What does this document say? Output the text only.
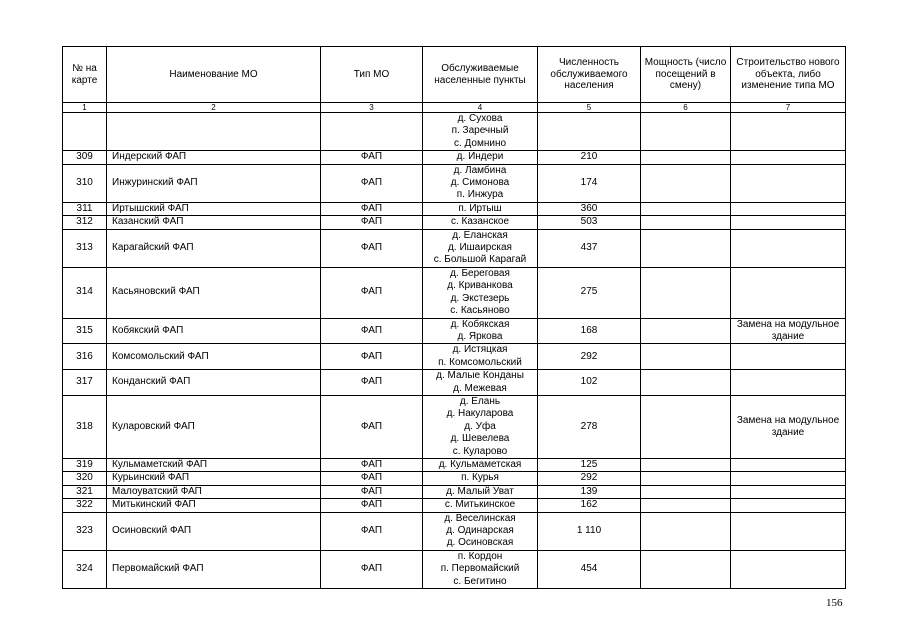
№ на карте	Наименование МО	Тип МО	Обслуживаемые населенные пункты	Численность обслуживаемого населения	Мощность (число посещений в смену)	Строительство нового объекта, либо изменение типа МО
1	2	3	4	5	6	7

			д. Сухова
п. Заречный
с. Домнино			

309	Индерский ФАП	ФАП	д. Индери	210		
310	Инжуринский ФАП	ФАП	д. Ламбина
д. Симонова
п. Инжура	174		
311	Иртышский ФАП	ФАП	п. Иртыш	360		
312	Казанский ФАП	ФАП	с. Казанское	503		
313	Карагайский ФАП	ФАП	д. Еланская
д. Ишаирская
с. Большой Карагай	437		
314	Касьяновский ФАП	ФАП	д. Береговая
д. Криванкова
д. Экстезерь
с. Касьяново	275		
315	Кобякский ФАП	ФАП	д. Кобякская
д. Яркова	168		Замена на модульное здание
316	Комсомольский ФАП	ФАП	д. Истяцкая
п. Комсомольский	292		
317	Конданский ФАП	ФАП	д. Малые Конданы
д. Межевая	102		
318	Куларовский ФАП	ФАП	д. Елань
д. Накуларова
д. Уфа
д. Шевелева
с. Куларово	278		Замена на модульное здание
319	Кульмаметский ФАП	ФАП	д. Кульмаметская	125		
320	Курьинский ФАП	ФАП	п. Курья	292		
321	Малоуватский ФАП	ФАП	д. Малый Уват	139		
322	Митькинский ФАП	ФАП	с. Митькинское	162		
323	Осиновский ФАП	ФАП	д. Веселинская
д. Одинарская
д. Осиновская	1 110		
324	Первомайский ФАП	ФАП	п. Кордон
п. Первомайский
с. Бегитино	454		
156
